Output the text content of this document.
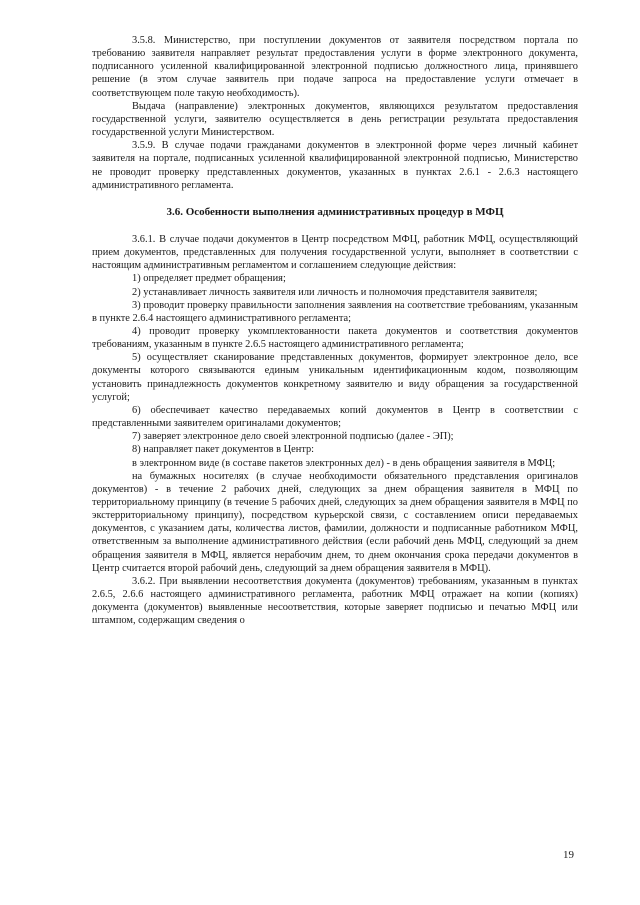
3.5.8. Министерство, при поступлении документов от заявителя посредством портала по требованию заявителя направляет результат предоставления услуги в форме электронного документа, подписанного усиленной квалифицированной электронной подписью должностного лица, принявшего решение (в этом случае заявитель при подаче запроса на предоставление услуги отмечает в соответствующем поле такую необходимость).

Выдача (направление) электронных документов, являющихся результатом предоставления государственной услуги, заявителю осуществляется в день регистрации результата предоставления государственной услуги Министерством.

3.5.9. В случае подачи гражданами документов в электронной форме через личный кабинет заявителя на портале, подписанных усиленной квалифицированной электронной подписью, Министерство не проводит проверку представленных документов, указанных в пунктах 2.6.1 - 2.6.3 настоящего административного регламента.

3.6. Особенности выполнения административных процедур в МФЦ

3.6.1. В случае подачи документов в Центр посредством МФЦ, работник МФЦ, осуществляющий прием документов, представленных для получения государственной услуги, выполняет в соответствии с настоящим административным регламентом и соглашением следующие действия:

1) определяет предмет обращения;

2) устанавливает личность заявителя или личность и полномочия представителя заявителя;

3) проводит проверку правильности заполнения заявления на соответствие требованиям, указанным в пункте 2.6.4 настоящего административного регламента;

4) проводит проверку укомплектованности пакета документов и соответствия документов требованиям, указанным в пункте 2.6.5 настоящего административного регламента;

5) осуществляет сканирование представленных документов, формирует электронное дело, все документы которого связываются единым уникальным идентификационным кодом, позволяющим установить принадлежность документов конкретному заявителю и виду обращения за государственной услугой;

6) обеспечивает качество передаваемых копий документов в Центр в соответствии с представленными заявителем оригиналами документов;

7) заверяет электронное дело своей электронной подписью (далее - ЭП);

8) направляет пакет документов в Центр:

в электронном виде (в составе пакетов электронных дел) - в день обращения заявителя в МФЦ;

на бумажных носителях (в случае необходимости обязательного представления оригиналов документов) - в течение 2 рабочих дней, следующих за днем обращения заявителя в МФЦ по территориальному принципу (в течение 5 рабочих дней, следующих за днем обращения заявителя в МФЦ по экстерриториальному принципу), посредством курьерской связи, с составлением описи передаваемых документов, с указанием даты, количества листов, фамилии, должности и подписанные работником МФЦ, ответственным за выполнение административного действия (если рабочий день МФЦ, следующий за днем обращения заявителя в МФЦ, является нерабочим днем, то днем окончания срока передачи документов в Центр считается второй рабочий день, следующий за днем обращения заявителя в МФЦ).

3.6.2. При выявлении несоответствия документа (документов) требованиям, указанным в пунктах 2.6.5, 2.6.6 настоящего административного регламента, работник МФЦ отражает на копии (копиях) документа (документов) выявленные несоответствия, которые заверяет подписью и печатью МФЦ или штампом, содержащим сведения о

19
